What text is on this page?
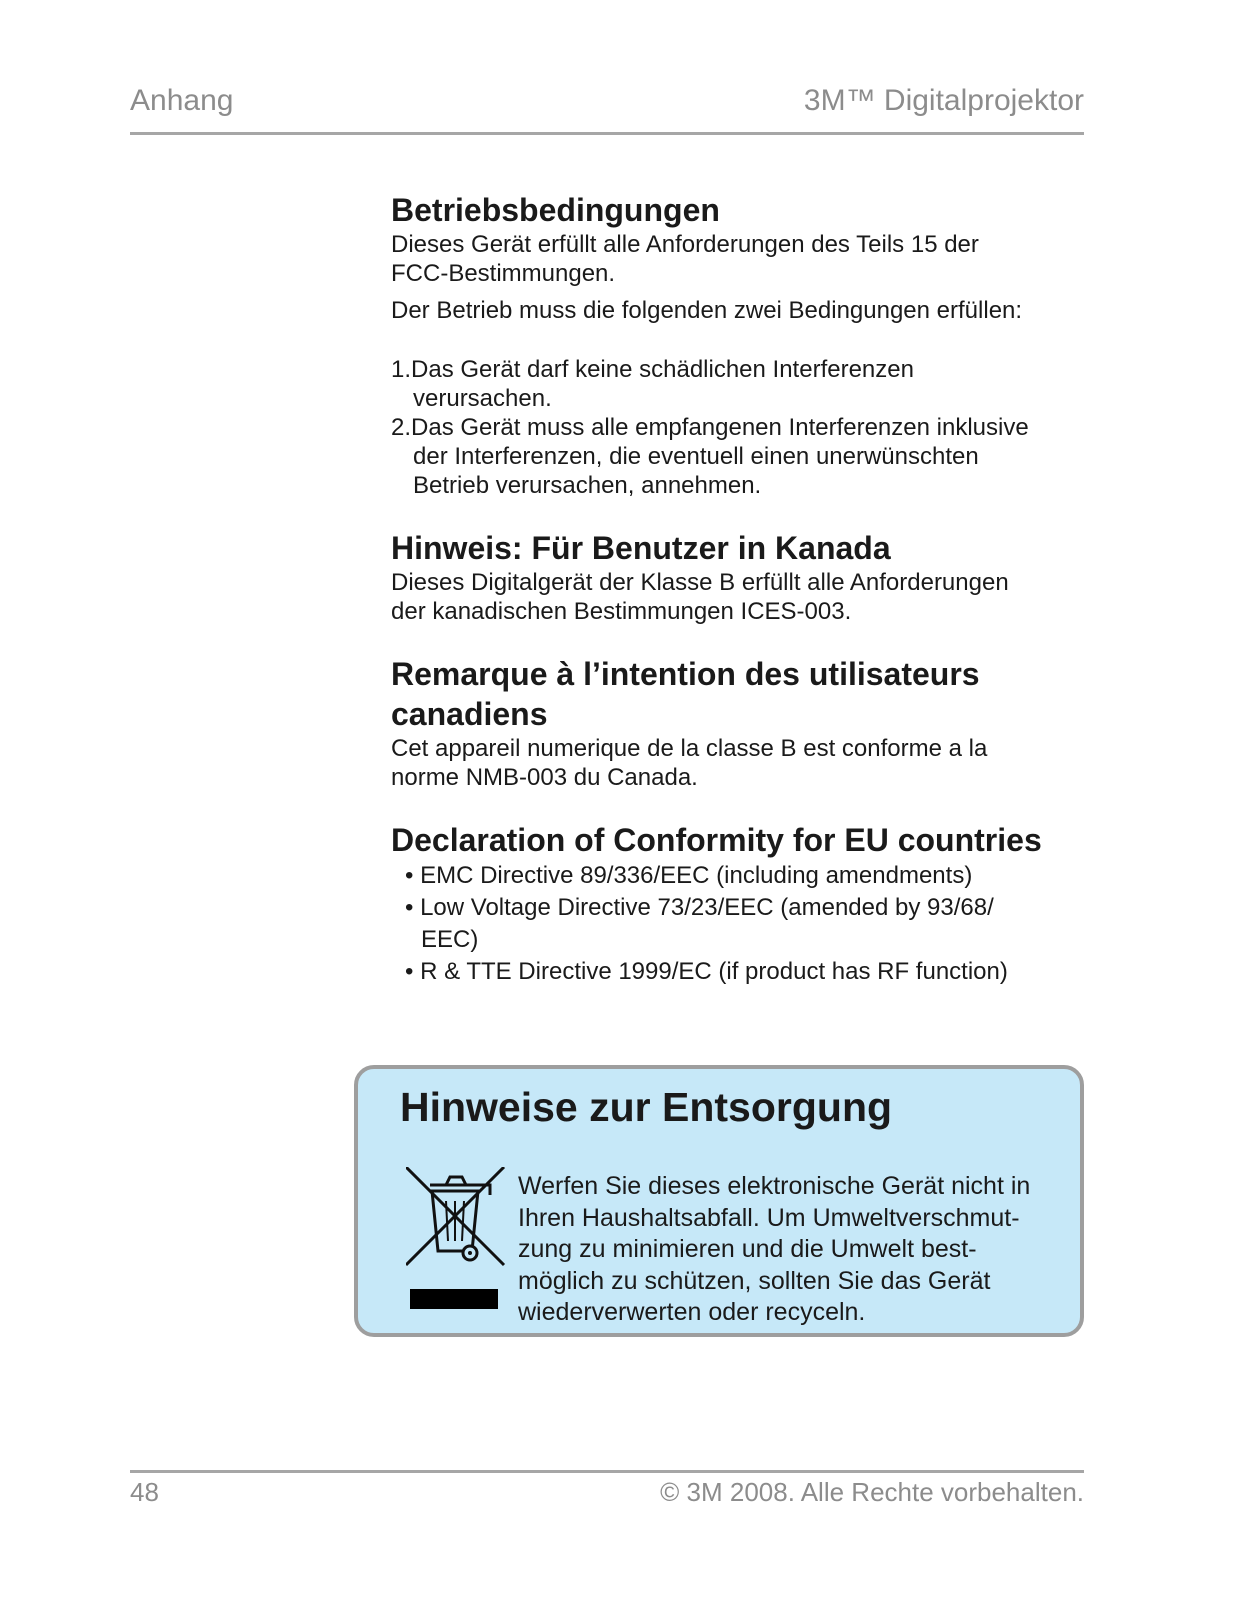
Anhang	3M™ Digitalprojektor
Betriebsbedingungen

Dieses Gerät erfüllt alle Anforderungen des Teils 15 der
FCC-Bestimmungen.

Der Betrieb muss die folgenden zwei Bedingungen erfüllen:

1.Das Gerät darf keine schädlichen Interferenzen
verursachen.
2.Das Gerät muss alle empfangenen Interferenzen inklusive
der Interferenzen, die eventuell einen unerwünschten
Betrieb verursachen, annehmen.
Hinweis: Für Benutzer in Kanada

Dieses Digitalgerät der Klasse B erfüllt alle Anforderungen
der kanadischen Bestimmungen ICES-003.

Remarque à l’intention des utilisateurs
canadiens

Cet appareil numerique de la classe B est conforme a la
norme NMB-003 du Canada.

Declaration of Conformity for EU countries
• EMC Directive 89/336/EEC (including amendments)
• Low Voltage Directive 73/23/EEC (amended by 93/68/
EEC)
• R & TTE Directive 1999/EC (if product has RF function)
Hinweise zur Entsorgung

Werfen Sie dieses elektronische Gerät nicht in
Ihren Haushaltsabfall. Um Umweltverschmut-
zung zu minimieren und die Umwelt best-
möglich zu schützen, sollten Sie das Gerät
wiederverwerten oder recyceln.

48	© 3M 2008. Alle Rechte vorbehalten.
